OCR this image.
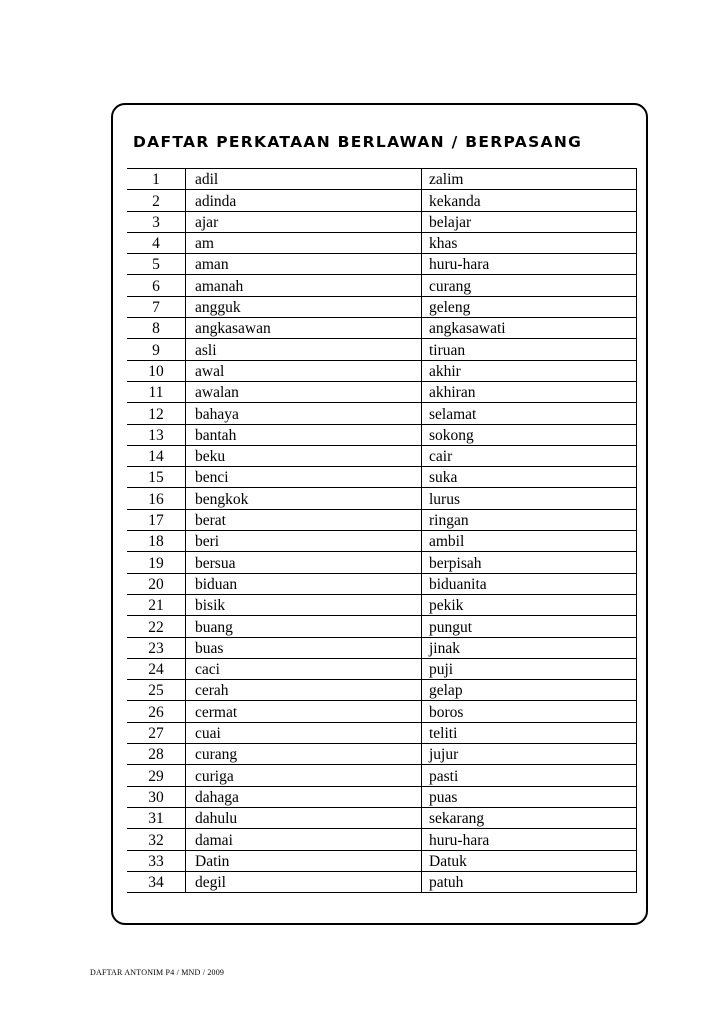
DAFTAR PERKATAAN BERLAWAN / BERPASANG
1	adil	zalim
2	adinda	kekanda
3	ajar	belajar
4	am	khas
5	aman	huru-hara
6	amanah	curang
7	angguk	geleng
8	angkasawan	angkasawati
9	asli	tiruan
10	awal	akhir
11	awalan	akhiran
12	bahaya	selamat
13	bantah	sokong
14	beku	cair
15	benci	suka
16	bengkok	lurus
17	berat	ringan
18	beri	ambil
19	bersua	berpisah
20	biduan	biduanita
21	bisik	pekik
22	buang	pungut
23	buas	jinak
24	caci	puji
25	cerah	gelap
26	cermat	boros
27	cuai	teliti
28	curang	jujur
29	curiga	pasti
30	dahaga	puas
31	dahulu	sekarang
32	damai	huru-hara
33	Datin	Datuk
34	degil	patuh
DAFTAR ANTONIM P4 / MND / 2009
